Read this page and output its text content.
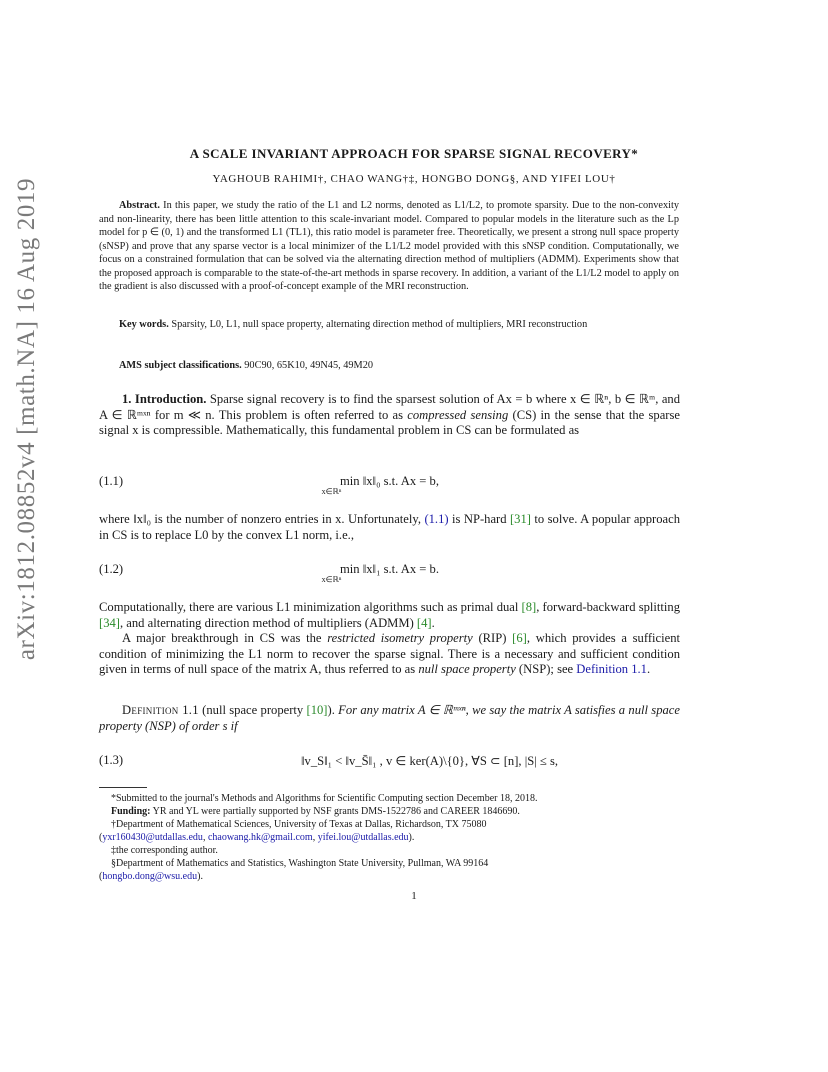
arXiv:1812.08852v4 [math.NA] 16 Aug 2019
A SCALE INVARIANT APPROACH FOR SPARSE SIGNAL RECOVERY*
YAGHOUB RAHIMI†, CHAO WANG†‡, HONGBO DONG§, AND YIFEI LOU†

Abstract. In this paper, we study the ratio of the L1 and L2 norms, denoted as L1/L2, to promote sparsity. Due to the non-convexity and non-linearity, there has been little attention to this scale-invariant model. Compared to popular models in the literature such as the Lp model for p ∈ (0, 1) and the transformed L1 (TL1), this ratio model is parameter free. Theoretically, we present a strong null space property (sNSP) and prove that any sparse vector is a local minimizer of the L1/L2 model provided with this sNSP condition. Computationally, we focus on a constrained formulation that can be solved via the alternating direction method of multipliers (ADMM). Experiments show that the proposed approach is comparable to the state-of-the-art methods in sparse recovery. In addition, a variant of the L1/L2 model to apply on the gradient is also discussed with a proof-of-concept example of the MRI reconstruction.

Key words. Sparsity, L0, L1, null space property, alternating direction method of multipliers, MRI reconstruction

AMS subject classifications. 90C90, 65K10, 49N45, 49M20

1. Introduction. Sparse signal recovery is to find the sparsest solution of Ax = b where x ∈ ℝⁿ, b ∈ ℝᵐ, and A ∈ ℝᵐˣⁿ for m ≪ n. This problem is often referred to as compressed sensing (CS) in the sense that the sparse signal x is compressible. Mathematically, this fundamental problem in CS can be formulated as

(1.1)	min ‖x‖₀ s.t. Ax = b,
x∈ℝⁿ

where ‖x‖₀ is the number of nonzero entries in x. Unfortunately, (1.1) is NP-hard [31] to solve. A popular approach in CS is to replace L0 by the convex L1 norm, i.e.,

(1.2)	min ‖x‖₁ s.t. Ax = b.
x∈ℝⁿ

Computationally, there are various L1 minimization algorithms such as primal dual [8], forward-backward splitting [34], and alternating direction method of multipliers (ADMM) [4].

A major breakthrough in CS was the restricted isometry property (RIP) [6], which provides a sufficient condition of minimizing the L1 norm to recover the sparse signal. There is a necessary and sufficient condition given in terms of null space of the matrix A, thus referred to as null space property (NSP); see Definition 1.1.

Definition 1.1 (null space property [10]). For any matrix A ∈ ℝᵐˣⁿ, we say the matrix A satisfies a null space property (NSP) of order s if

(1.3)	‖v_S‖₁ < ‖v_S̄‖₁ , v ∈ ker(A)\{0}, ∀S ⊂ [n], |S| ≤ s,

*Submitted to the journal's Methods and Algorithms for Scientific Computing section December 18, 2018.

Funding: YR and YL were partially supported by NSF grants DMS-1522786 and CAREER 1846690.

†Department of Mathematical Sciences, University of Texas at Dallas, Richardson, TX 75080

(yxr160430@utdallas.edu, chaowang.hk@gmail.com, yifei.lou@utdallas.edu).

‡the corresponding author.

§Department of Mathematics and Statistics, Washington State University, Pullman, WA 99164

(hongbo.dong@wsu.edu).

1
